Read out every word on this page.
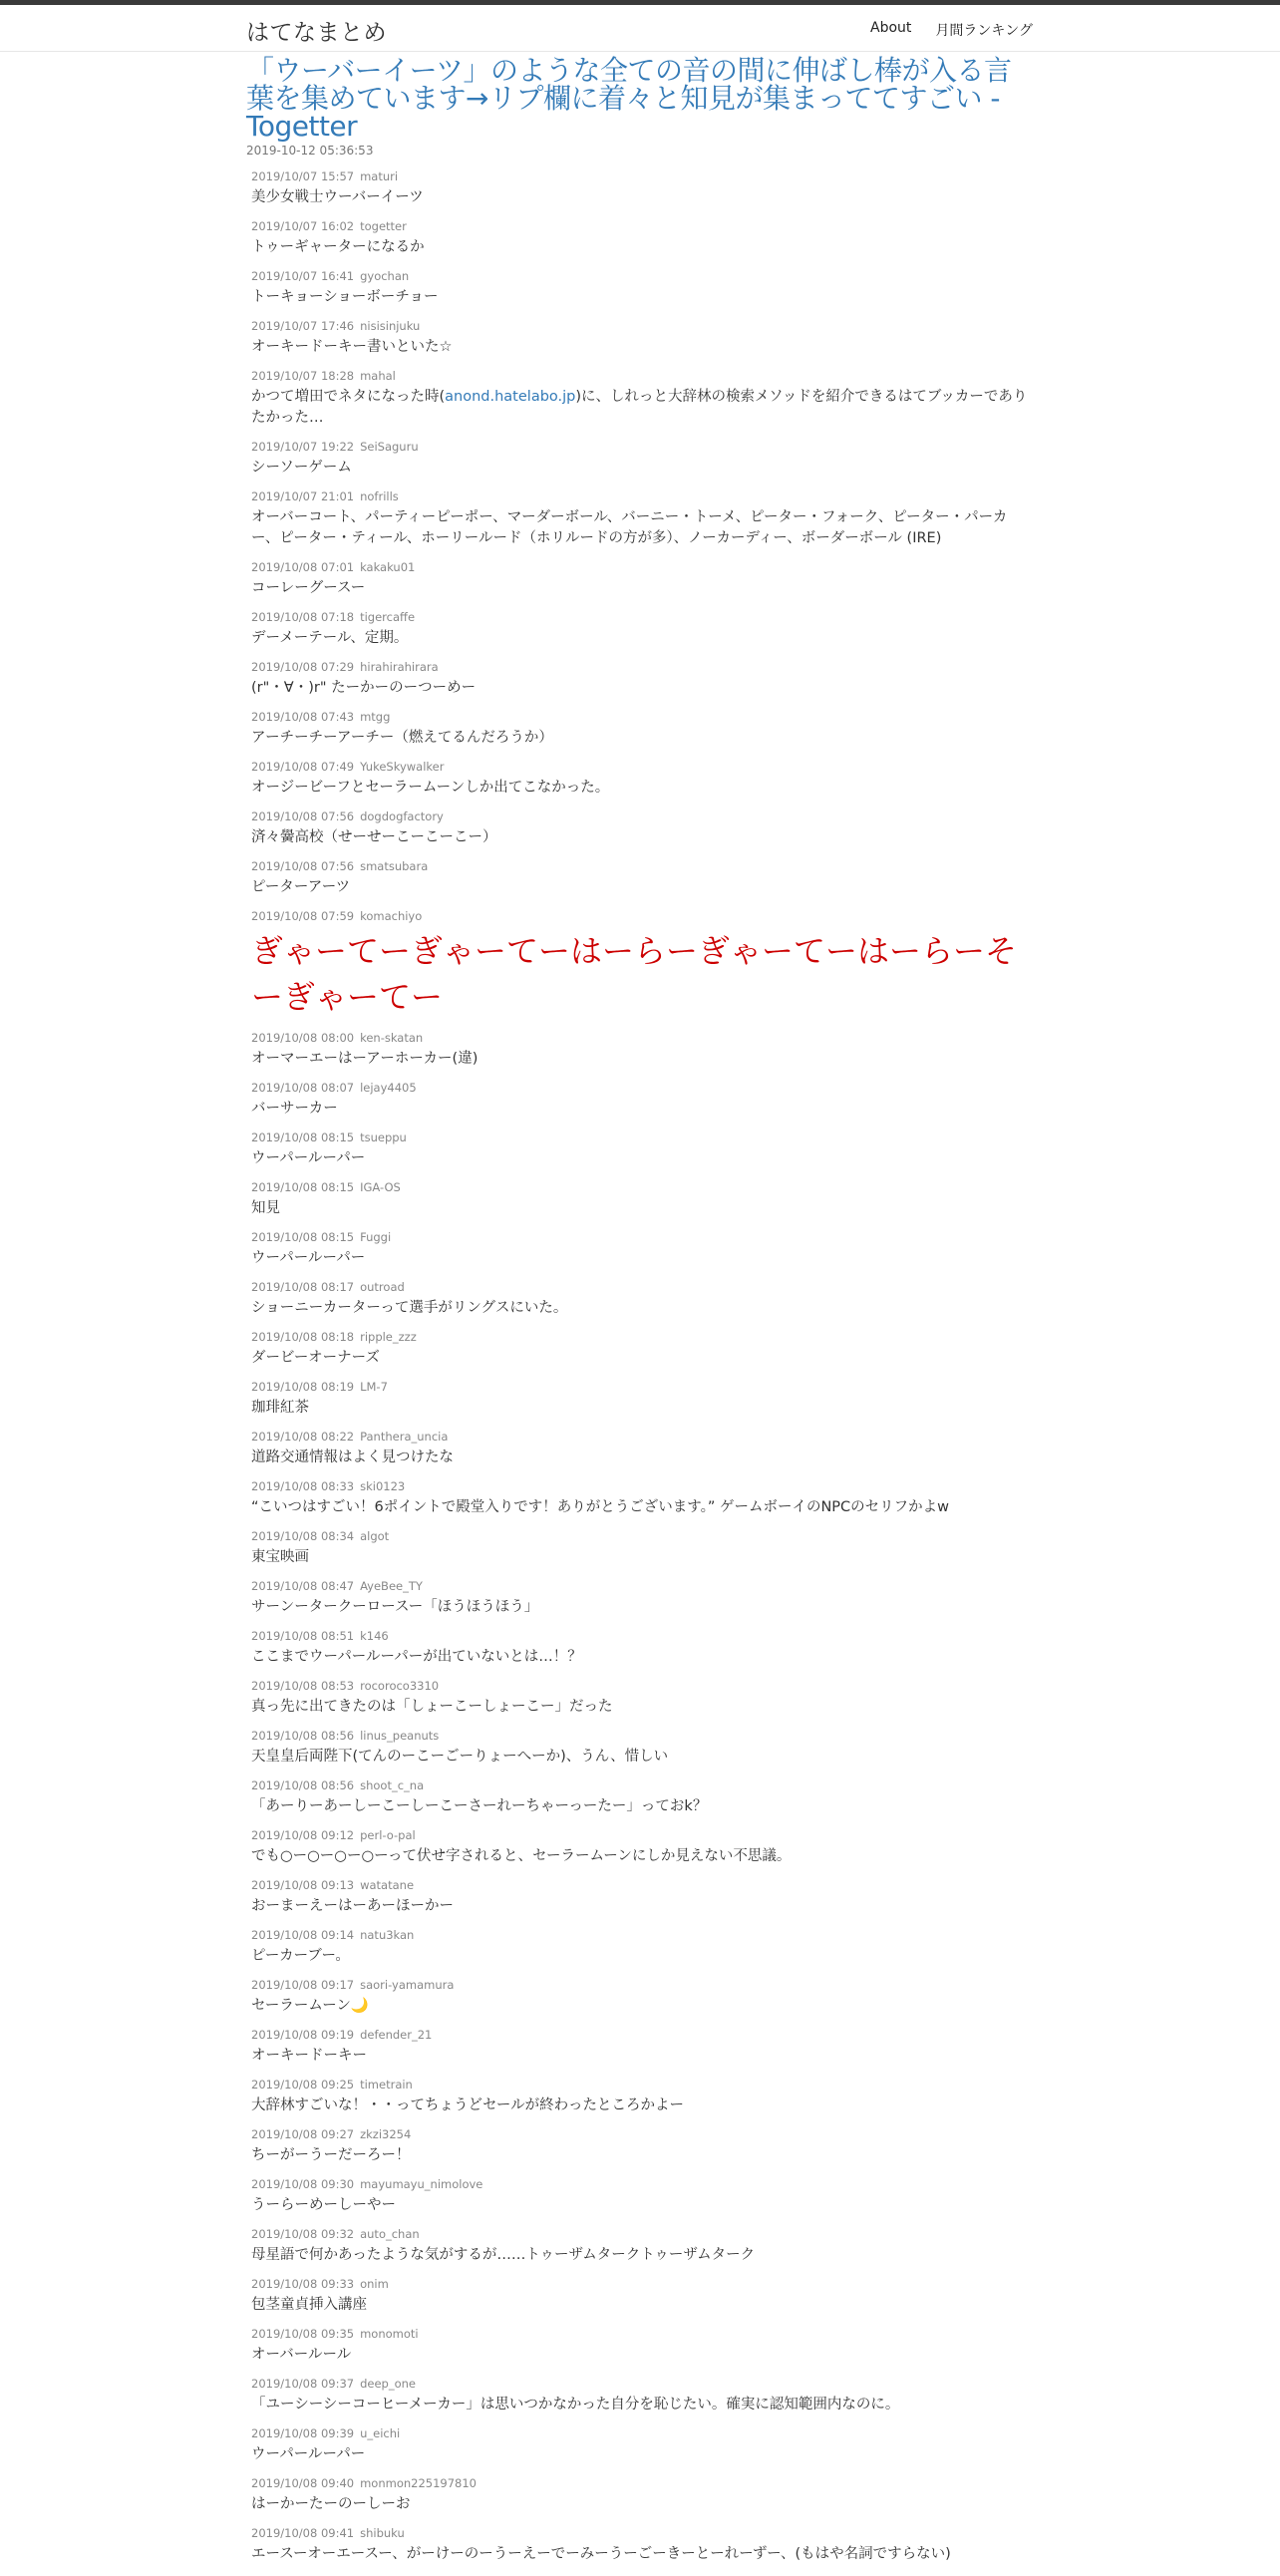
はてなまとめ	About 月間ランキング
「ウーバーイーツ」のような全ての音の間に伸ばし棒が入る言葉を集めています→リプ欄に着々と知見が集まっててすごい - Togetter
2019-10-12 05:36:53
2019/10/07 15:57 maturi
美少女戦士ウーバーイーツ
2019/10/07 16:02 togetter
トゥーギャーターになるか
2019/10/07 16:41 gyochan
トーキョーショーボーチョー
2019/10/07 17:46 nisisinjuku
オーキードーキー書いといた☆
2019/10/07 18:28 mahal
かつて増田でネタになった時(anond.hatelabo.jp)に、しれっと大辞林の検索メソッドを紹介できるはてブッカーでありたかった…
2019/10/07 19:22 SeiSaguru
シーソーゲーム
2019/10/07 21:01 nofrills
オーバーコート、パーティーピーポー、マーダーボール、バーニー・トーメ、ピーター・フォーク、ピーター・パーカー、ピーター・ティール、ホーリールード（ホリルードの方が多）、ノーカーディー、ボーダーボール (IRE)
2019/10/08 07:01 kakaku01
コーレーグースー
2019/10/08 07:18 tigercaffe
デーメーテール、定期。
2019/10/08 07:29 hirahirahirara
(r"・∀・)r" たーかーのーつーめー
2019/10/08 07:43 mtgg
アーチーチーアーチー（燃えてるんだろうか）
2019/10/08 07:49 YukeSkywalker
オージービーフとセーラームーンしか出てこなかった。
2019/10/08 07:56 dogdogfactory
済々黌高校（せーせーこーこーこー）
2019/10/08 07:56 smatsubara
ピーターアーツ
2019/10/08 07:59 komachiyo
ぎゃーてーぎゃーてーはーらーぎゃーてーはーらーそーぎゃーてー
2019/10/08 08:00 ken-skatan
オーマーエーはーアーホーカー(違)
2019/10/08 08:07 lejay4405
バーサーカー
2019/10/08 08:15 tsueppu
ウーパールーパー
2019/10/08 08:15 IGA-OS
知見
2019/10/08 08:15 Fuggi
ウーパールーパー
2019/10/08 08:17 outroad
ショーニーカーターって選手がリングスにいた。
2019/10/08 08:18 ripple_zzz
ダービーオーナーズ
2019/10/08 08:19 LM-7
珈琲紅茶
2019/10/08 08:22 Panthera_uncia
道路交通情報はよく見つけたな
2019/10/08 08:33 ski0123
“こいつはすごい！6ポイントで殿堂入りです！ありがとうございます。” ゲームボーイのNPCのセリフかよw
2019/10/08 08:34 algot
東宝映画
2019/10/08 08:47 AyeBee_TY
サーンータークーロースー「ほうほうほう」
2019/10/08 08:51 k146
ここまでウーパールーパーが出ていないとは…！？
2019/10/08 08:53 rocoroco3310
真っ先に出てきたのは「しょーこーしょーこー」だった
2019/10/08 08:56 linus_peanuts
天皇皇后両陛下(てんのーこーごーりょーへーか)、うん、惜しい
2019/10/08 08:56 shoot_c_na
「あーりーあーしーこーしーこーさーれーちゃーっーたー」っておk？
2019/10/08 09:12 perl-o-pal
でも○ー○ー○ー○ーって伏せ字されると、セーラームーンにしか見えない不思議。
2019/10/08 09:13 watatane
おーまーえーはーあーほーかー
2019/10/08 09:14 natu3kan
ピーカーブー。
2019/10/08 09:17 saori-yamamura
セーラームーン🌙
2019/10/08 09:19 defender_21
オーキードーキー
2019/10/08 09:25 timetrain
大辞林すごいな！・・ってちょうどセールが終わったところかよー
2019/10/08 09:27 zkzi3254
ちーがーうーだーろー！
2019/10/08 09:30 mayumayu_nimolove
うーらーめーしーやー
2019/10/08 09:32 auto_chan
母星語で何かあったような気がするが……トゥーザムタークトゥーザムターク
2019/10/08 09:33 onim
包茎童貞挿入講座
2019/10/08 09:35 monomoti
オーバールール
2019/10/08 09:37 deep_one
「ユーシーシーコーヒーメーカー」は思いつかなかった自分を恥じたい。確実に認知範囲内なのに。
2019/10/08 09:39 u_eichi
ウーパールーパー
2019/10/08 09:40 monmon225197810
はーかーたーのーしーお
2019/10/08 09:41 shibuku
エースーオーエースー、がーけーのーうーえーでーみーうーごーきーとーれーずー、(もはや名詞ですらない)
